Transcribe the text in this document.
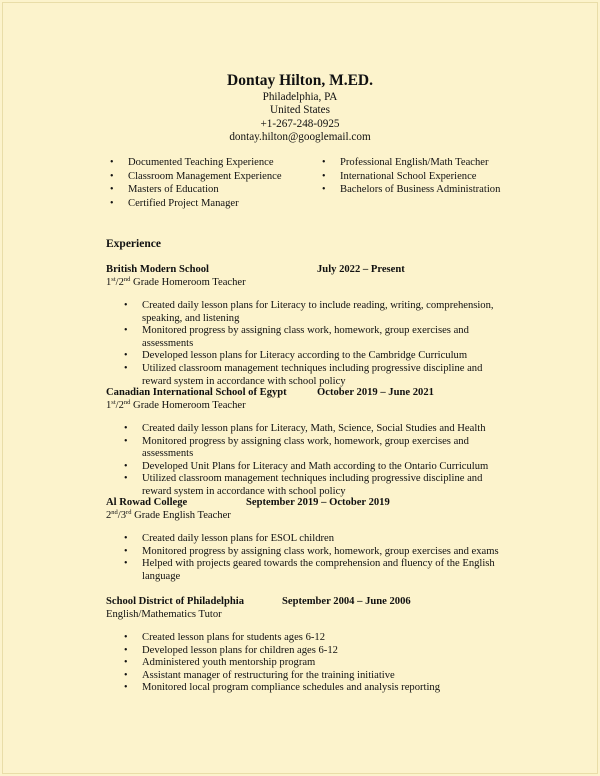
Dontay Hilton, M.ED.
Philadelphia, PA
United States
+1-267-248-0925
dontay.hilton@googlemail.com
• Documented Teaching Experience
• Classroom Management Experience
• Masters of Education
• Certified Project Manager
• Professional English/Math Teacher
• International School Experience
• Bachelors of Business Administration
Experience
British Modern School	July 2022 – Present
1st/2nd Grade Homeroom Teacher
• Created daily lesson plans for Literacy to include reading, writing, comprehension, speaking, and listening
• Monitored progress by assigning class work, homework, group exercises and assessments
• Developed lesson plans for Literacy according to the Cambridge Curriculum
• Utilized classroom management techniques including progressive discipline and reward system in accordance with school policy
Canadian International School of Egypt	October 2019 – June 2021
1st/2nd Grade Homeroom Teacher
• Created daily lesson plans for Literacy, Math, Science, Social Studies and Health
• Monitored progress by assigning class work, homework, group exercises and assessments
• Developed Unit Plans for Literacy and Math according to the Ontario Curriculum
• Utilized classroom management techniques including progressive discipline and reward system in accordance with school policy
Al Rowad College	September 2019 – October 2019
2nd/3rd Grade English Teacher
• Created daily lesson plans for ESOL children
• Monitored progress by assigning class work, homework, group exercises and exams
• Helped with projects geared towards the comprehension and fluency of the English language
School District of Philadelphia	September 2004 – June 2006
English/Mathematics Tutor
• Created lesson plans for students ages 6-12
• Developed lesson plans for children ages 6-12
• Administered youth mentorship program
• Assistant manager of restructuring for the training initiative
• Monitored local program compliance schedules and analysis reporting
